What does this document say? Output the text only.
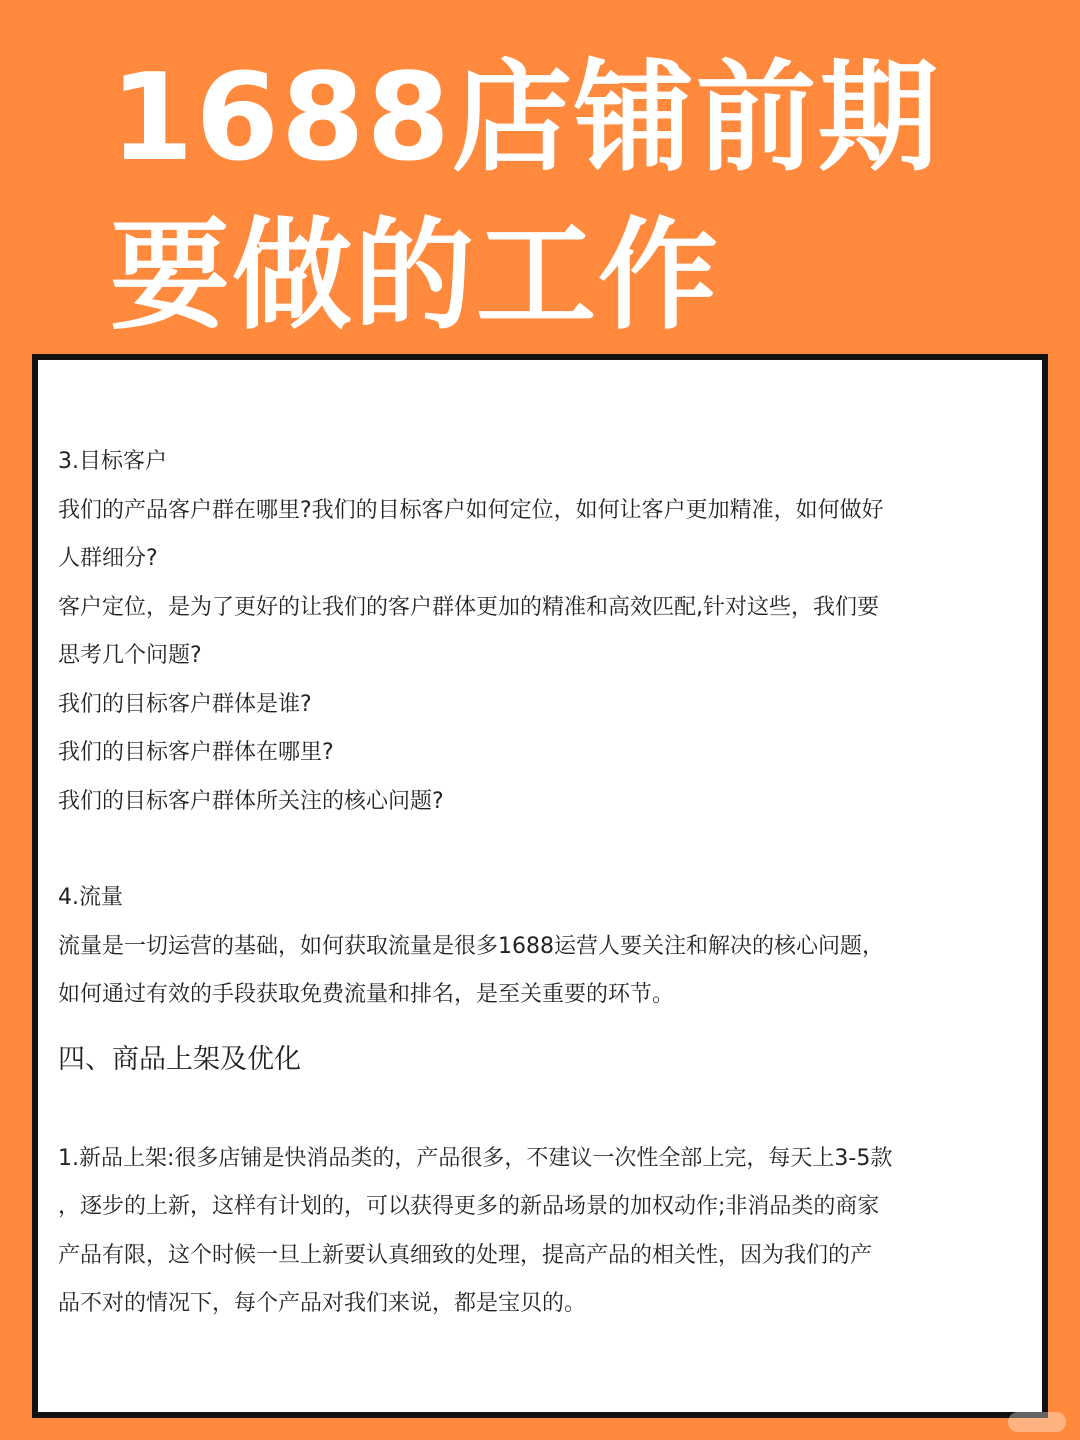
1688店铺前期
要做的工作
3.目标客户
我们的产品客户群在哪里?我们的目标客户如何定位，如何让客户更加精准，如何做好
人群细分?
客户定位，是为了更好的让我们的客户群体更加的精准和高效匹配,针对这些，我们要
思考几个问题?
我们的目标客户群体是谁?
我们的目标客户群体在哪里?
我们的目标客户群体所关注的核心问题?
4.流量
流量是一切运营的基础，如何获取流量是很多1688运营人要关注和解决的核心问题，
如何通过有效的手段获取免费流量和排名，是至关重要的环节。
四、商品上架及优化
1.新品上架:很多店铺是快消品类的，产品很多，不建议一次性全部上完，每天上3-5款
，逐步的上新，这样有计划的，可以获得更多的新品场景的加权动作;非消品类的商家
产品有限，这个时候一旦上新要认真细致的处理，提高产品的相关性，因为我们的产
品不对的情况下，每个产品对我们来说，都是宝贝的。
